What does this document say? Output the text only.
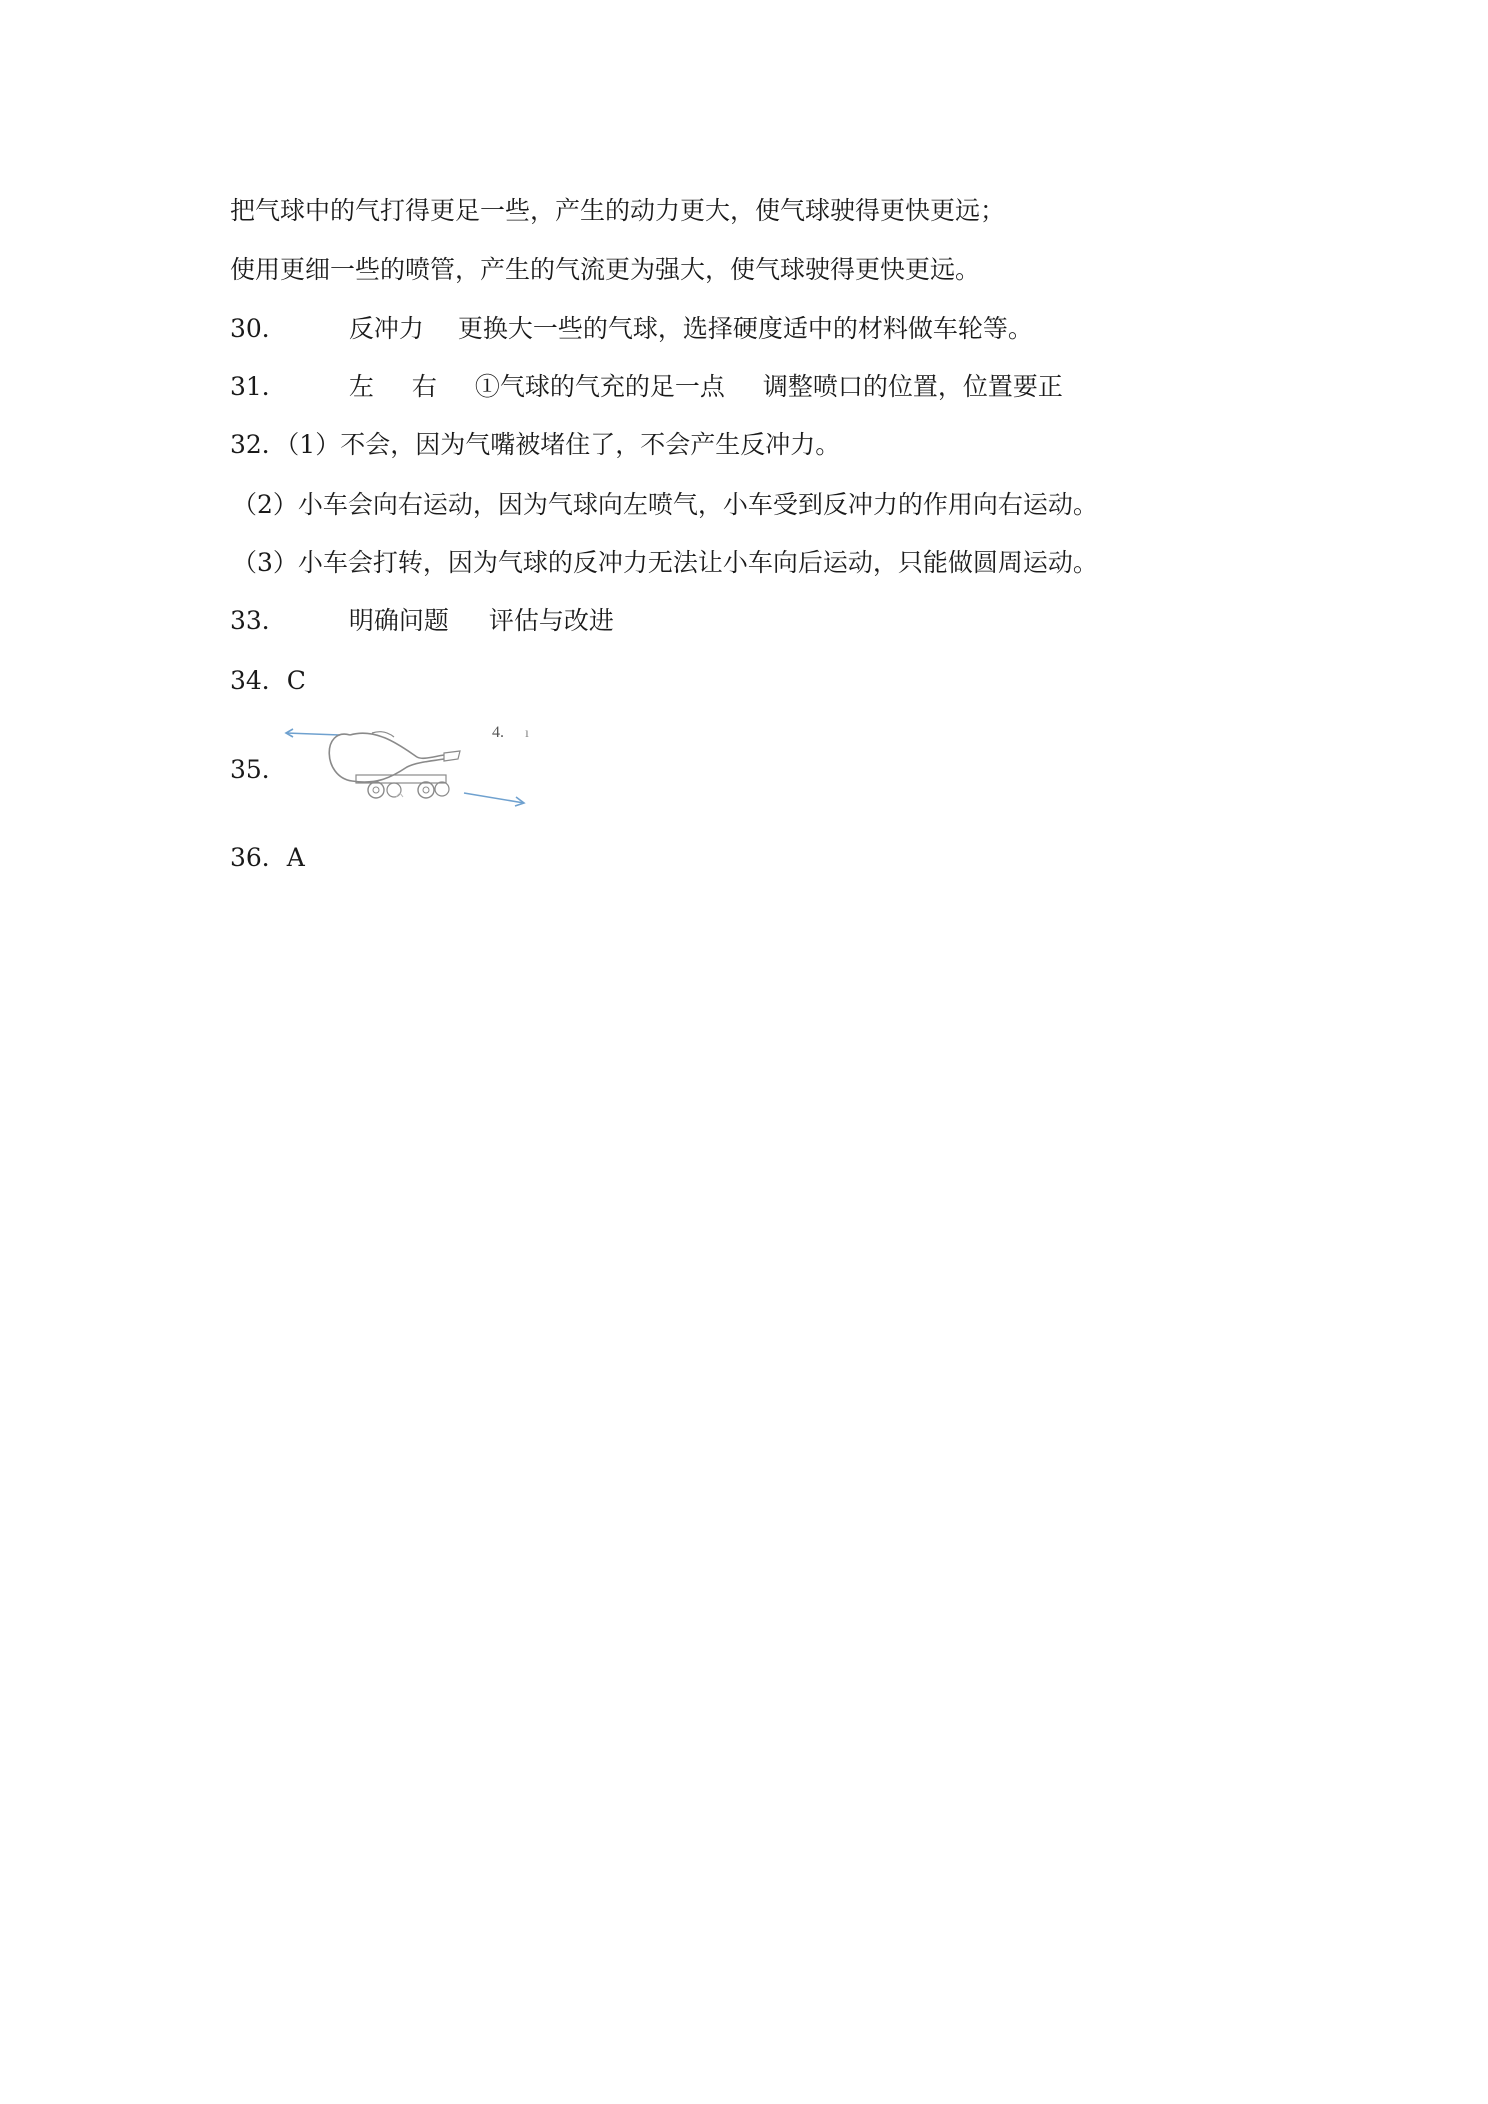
把气球中的气打得更足一些，产生的动力更大，使气球驶得更快更远；
使用更细一些的喷管，产生的气流更为强大，使气球驶得更快更远。
30． 反冲力 更换大一些的气球，选择硬度适中的材料做车轮等。
31． 左 右 ①气球的气充的足一点 调整喷口的位置，位置要正
32．（1）不会，因为气嘴被堵住了，不会产生反冲力。
（2）小车会向右运动，因为气球向左喷气，小车受到反冲力的作用向右运动。
（3）小车会打转，因为气球的反冲力无法让小车向后运动，只能做圆周运动。
33． 明确问题 评估与改进
34．C
35．
4. ı
36．A
